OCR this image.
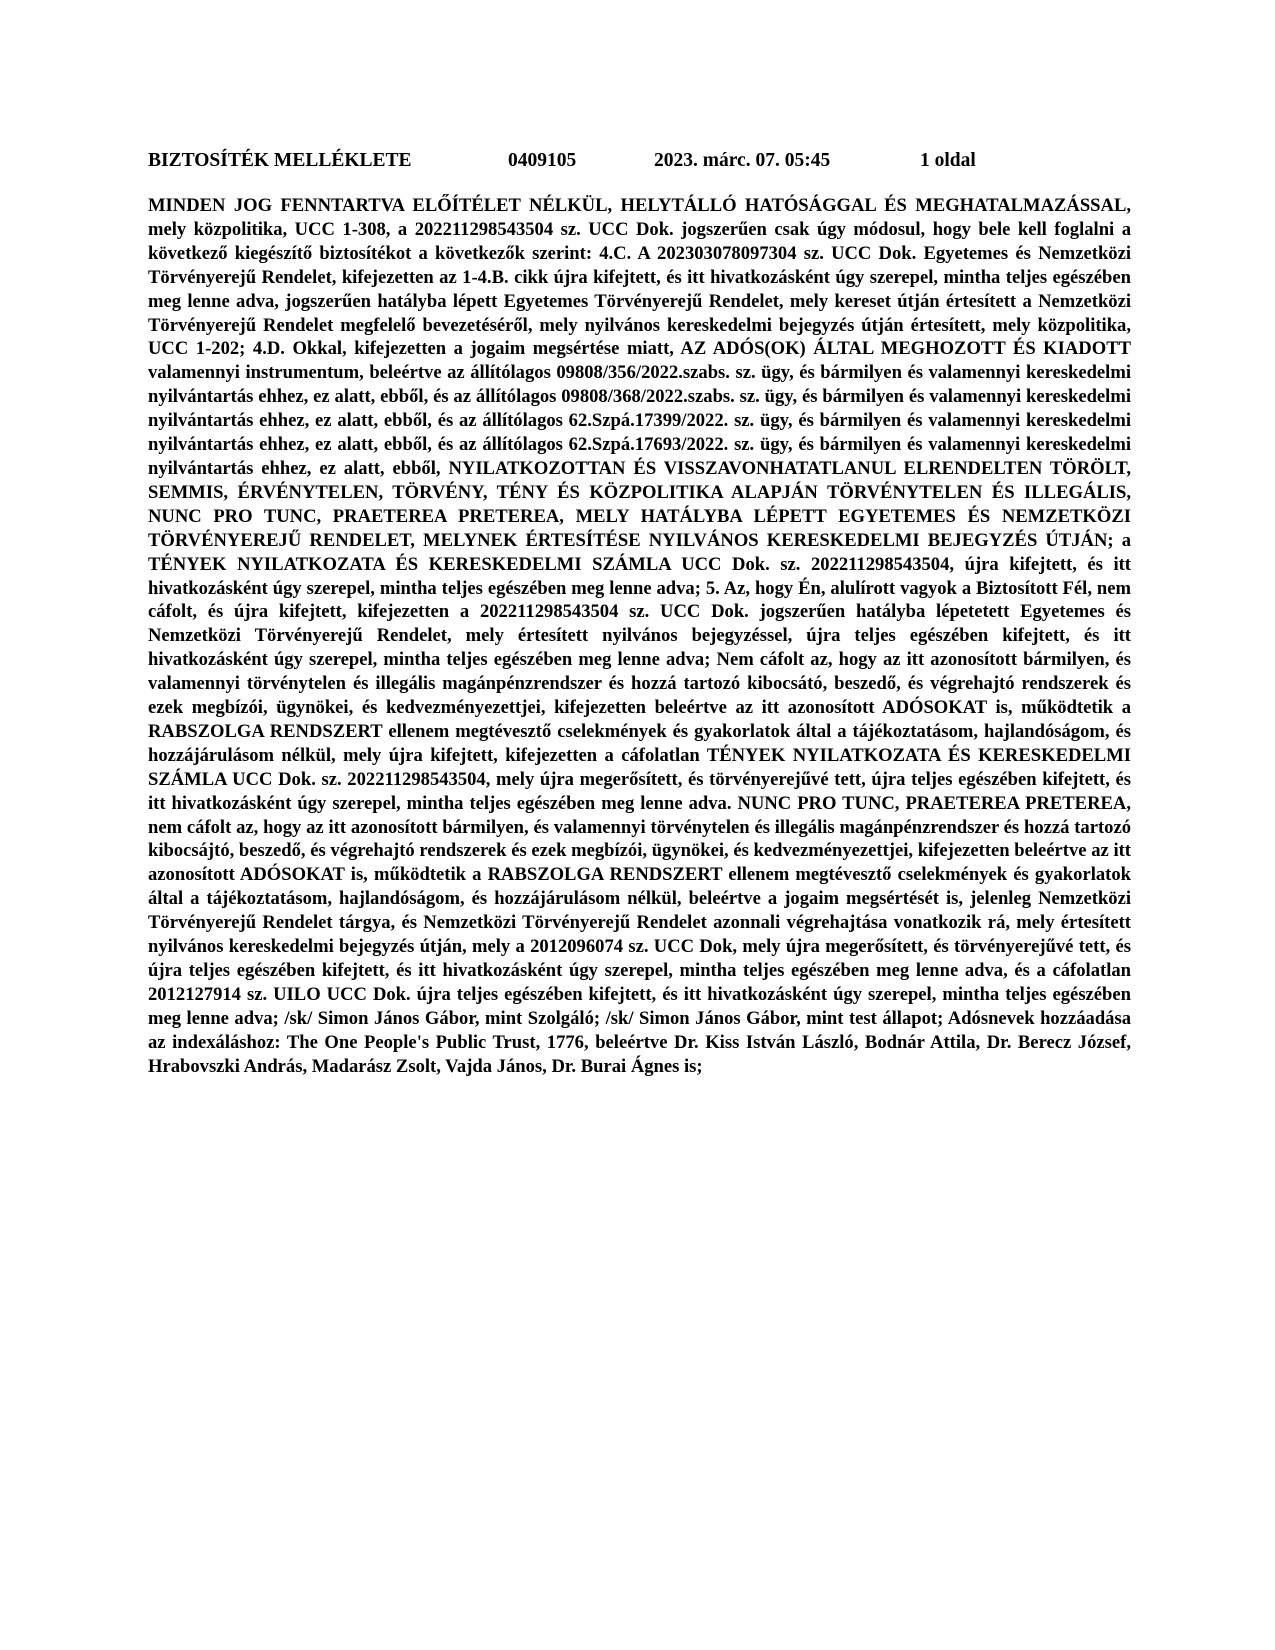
BIZTOSÍTÉK MELLÉKLETE	0409105	2023. márc. 07. 05:45	1 oldal

MINDEN JOG FENNTARTVA ELŐÍTÉLET NÉLKÜL, HELYTÁLLÓ HATÓSÁGGAL ÉS MEGHATALMAZÁSSAL, mely közpolitika, UCC 1-308, a 202211298543504 sz. UCC Dok. jogszerűen csak úgy módosul, hogy bele kell foglalni a következő kiegészítő biztosítékot a következők szerint: 4.C. A 202303078097304 sz. UCC Dok. Egyetemes és Nemzetközi Törvényerejű Rendelet, kifejezetten az 1-4.B. cikk újra kifejtett, és itt hivatkozásként úgy szerepel, mintha teljes egészében meg lenne adva, jogszerűen hatályba lépett Egyetemes Törvényerejű Rendelet, mely kereset útján értesített a Nemzetközi Törvényerejű Rendelet megfelelő bevezetéséről, mely nyilvános kereskedelmi bejegyzés útján értesített, mely közpolitika, UCC 1-202; 4.D. Okkal, kifejezetten a jogaim megsértése miatt, AZ ADÓS(OK) ÁLTAL MEGHOZOTT ÉS KIADOTT valamennyi instrumentum, beleértve az állítólagos 09808/356/2022.szabs. sz. ügy, és bármilyen és valamennyi kereskedelmi nyilvántartás ehhez, ez alatt, ebből, és az állítólagos 09808/368/2022.szabs. sz. ügy, és bármilyen és valamennyi kereskedelmi nyilvántartás ehhez, ez alatt, ebből, és az állítólagos 62.Szpá.17399/2022. sz. ügy, és bármilyen és valamennyi kereskedelmi nyilvántartás ehhez, ez alatt, ebből, és az állítólagos 62.Szpá.17693/2022. sz. ügy, és bármilyen és valamennyi kereskedelmi nyilvántartás ehhez, ez alatt, ebből, NYILATKOZOTTAN ÉS VISSZAVONHATATLANUL ELRENDELTEN TÖRÖLT, SEMMIS, ÉRVÉNYTELEN, TÖRVÉNY, TÉNY ÉS KÖZPOLITIKA ALAPJÁN TÖRVÉNYTELEN ÉS ILLEGÁLIS, NUNC PRO TUNC, PRAETEREA PRETEREA, MELY HATÁLYBA LÉPETT EGYETEMES ÉS NEMZETKÖZI TÖRVÉNYEREJŰ RENDELET, MELYNEK ÉRTESÍTÉSE NYILVÁNOS KERESKEDELMI BEJEGYZÉS ÚTJÁN; a TÉNYEK NYILATKOZATA ÉS KERESKEDELMI SZÁMLA UCC Dok. sz. 202211298543504, újra kifejtett, és itt hivatkozásként úgy szerepel, mintha teljes egészében meg lenne adva; 5. Az, hogy Én, alulírott vagyok a Biztosított Fél, nem cáfolt, és újra kifejtett, kifejezetten a 202211298543504 sz. UCC Dok. jogszerűen hatályba lépetetett Egyetemes és Nemzetközi Törvényerejű Rendelet, mely értesített nyilvános bejegyzéssel, újra teljes egészében kifejtett, és itt hivatkozásként úgy szerepel, mintha teljes egészében meg lenne adva; Nem cáfolt az, hogy az itt azonosított bármilyen, és valamennyi törvénytelen és illegális magánpénzrendszer és hozzá tartozó kibocsátó, beszedő, és végrehajtó rendszerek és ezek megbízói, ügynökei, és kedvezményezettjei, kifejezetten beleértve az itt azonosított ADÓSOKAT is, működtetik a RABSZOLGA RENDSZERT ellenem megtévesztő cselekmények és gyakorlatok által a tájékoztatásom, hajlandóságom, és hozzájárulásom nélkül, mely újra kifejtett, kifejezetten a cáfolatlan TÉNYEK NYILATKOZATA ÉS KERESKEDELMI SZÁMLA UCC Dok. sz. 202211298543504, mely újra megerősített, és törvényerejűvé tett, újra teljes egészében kifejtett, és itt hivatkozásként úgy szerepel, mintha teljes egészében meg lenne adva. NUNC PRO TUNC, PRAETEREA PRETEREA, nem cáfolt az, hogy az itt azonosított bármilyen, és valamennyi törvénytelen és illegális magánpénzrendszer és hozzá tartozó kibocsájtó, beszedő, és végrehajtó rendszerek és ezek megbízói, ügynökei, és kedvezményezettjei, kifejezetten beleértve az itt azonosított ADÓSOKAT is, működtetik a RABSZOLGA RENDSZERT ellenem megtévesztő cselekmények és gyakorlatok által a tájékoztatásom, hajlandóságom, és hozzájárulásom nélkül, beleértve a jogaim megsértését is, jelenleg Nemzetközi Törvényerejű Rendelet tárgya, és Nemzetközi Törvényerejű Rendelet azonnali végrehajtása vonatkozik rá, mely értesített nyilvános kereskedelmi bejegyzés útján, mely a 2012096074 sz. UCC Dok, mely újra megerősített, és törvényerejűvé tett, és újra teljes egészében kifejtett, és itt hivatkozásként úgy szerepel, mintha teljes egészében meg lenne adva, és a cáfolatlan 2012127914 sz. UILO UCC Dok. újra teljes egészében kifejtett, és itt hivatkozásként úgy szerepel, mintha teljes egészében meg lenne adva; /sk/ Simon János Gábor, mint Szolgáló; /sk/ Simon János Gábor, mint test állapot; Adósnevek hozzáadása az indexáláshoz: The One People's Public Trust, 1776, beleértve Dr. Kiss István László, Bodnár Attila, Dr. Berecz József, Hrabovszki András, Madarász Zsolt, Vajda János, Dr. Burai Ágnes is;
